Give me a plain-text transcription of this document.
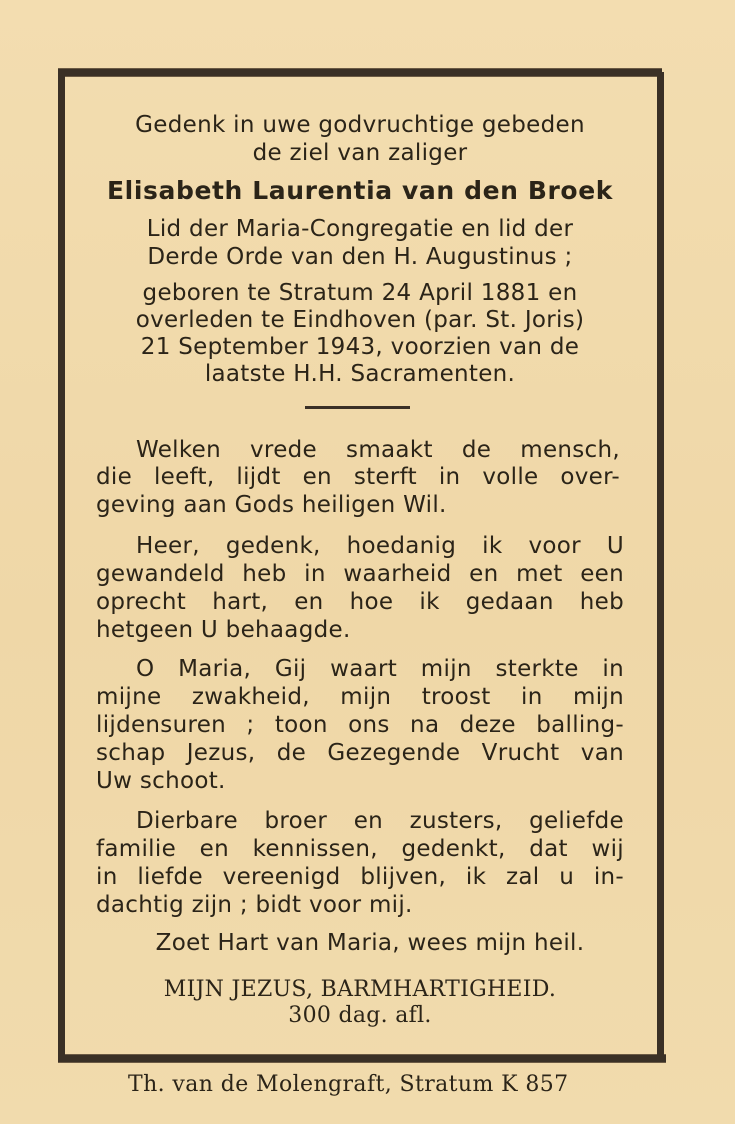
Gedenk in uwe godvruchtige gebeden
de ziel van zaliger
Elisabeth Laurentia van den Broek
Lid der Maria-Congregatie en lid der
Derde Orde van den H. Augustinus ;
geboren te Stratum 24 April 1881 en
overleden te Eindhoven (par. St. Joris)
21 September 1943, voorzien van de
laatste H.H. Sacramenten.
Welken vrede smaakt de mensch,
die leeft, lijdt en sterft in volle over-
geving aan Gods heiligen Wil.
Heer, gedenk, hoedanig ik voor U
gewandeld heb in waarheid en met een
oprecht hart, en hoe ik gedaan heb
hetgeen U behaagde.
O Maria, Gij waart mijn sterkte in
mijne zwakheid, mijn troost in mijn
lijdensuren ; toon ons na deze balling-
schap Jezus, de Gezegende Vrucht van
Uw schoot.
Dierbare broer en zusters, geliefde
familie en kennissen, gedenkt, dat wij
in liefde vereenigd blijven, ik zal u in-
dachtig zijn ; bidt voor mij.
Zoet Hart van Maria, wees mijn heil.
MIJN JEZUS, BARMHARTIGHEID.
300 dag. afl.
Th. van de Molengraft, Stratum K 857
